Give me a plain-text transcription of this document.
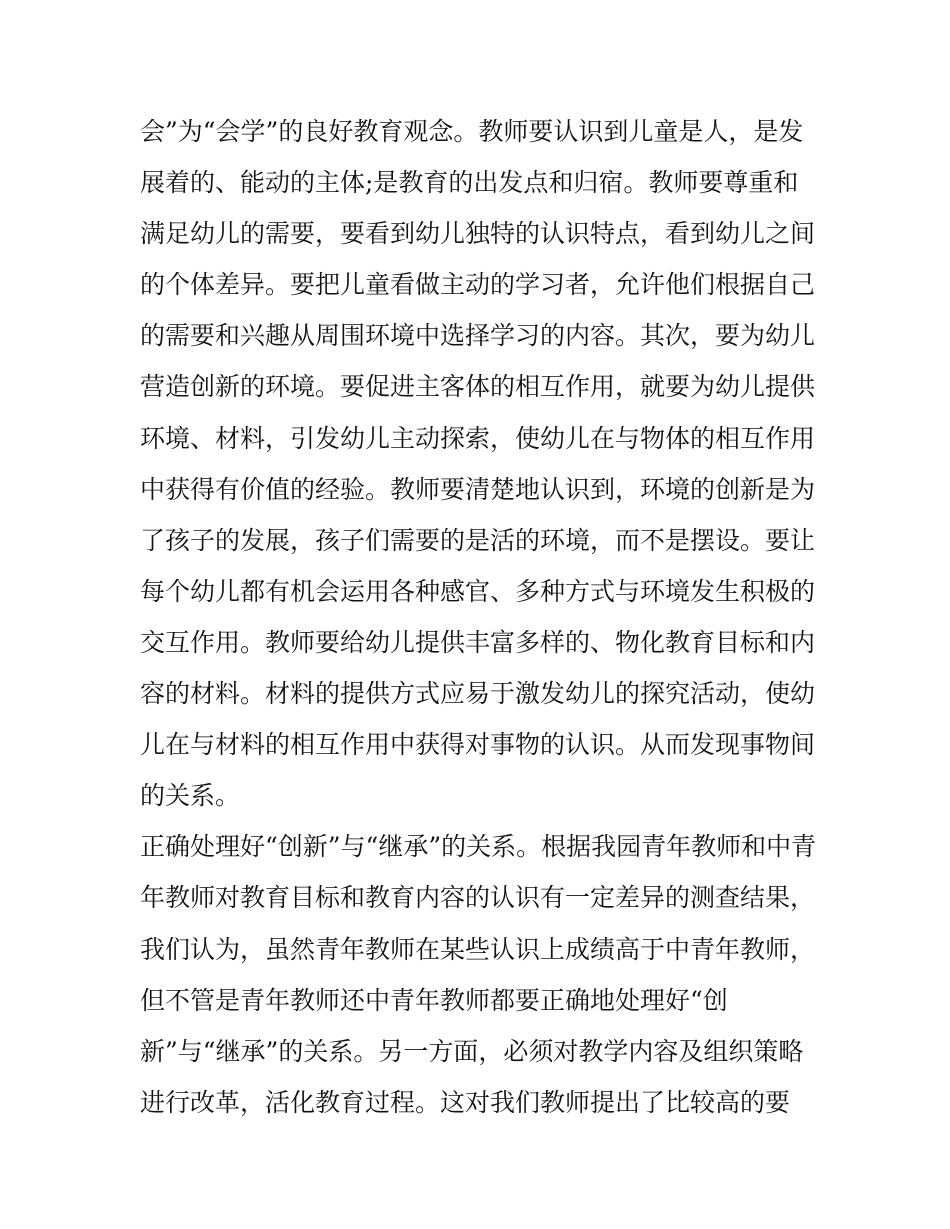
会”为“会学”的良好教育观念。教师要认识到儿童是人，是发
展着的、能动的主体;是教育的出发点和归宿。教师要尊重和
满足幼儿的需要，要看到幼儿独特的认识特点，看到幼儿之间
的个体差异。要把儿童看做主动的学习者，允许他们根据自己
的需要和兴趣从周围环境中选择学习的内容。其次，要为幼儿
营造创新的环境。要促进主客体的相互作用，就要为幼儿提供
环境、材料，引发幼儿主动探索，使幼儿在与物体的相互作用
中获得有价值的经验。教师要清楚地认识到，环境的创新是为
了孩子的发展，孩子们需要的是活的环境，而不是摆设。要让
每个幼儿都有机会运用各种感官、多种方式与环境发生积极的
交互作用。教师要给幼儿提供丰富多样的、物化教育目标和内
容的材料。材料的提供方式应易于激发幼儿的探究活动，使幼
儿在与材料的相互作用中获得对事物的认识。从而发现事物间
的关系。
正确处理好“创新”与“继承”的关系。根据我园青年教师和中青
年教师对教育目标和教育内容的认识有一定差异的测查结果，
我们认为，虽然青年教师在某些认识上成绩高于中青年教师，
但不管是青年教师还中青年教师都要正确地处理好“创
新”与“继承”的关系。另一方面，必须对教学内容及组织策略
进行改革，活化教育过程。这对我们教师提出了比较高的要
